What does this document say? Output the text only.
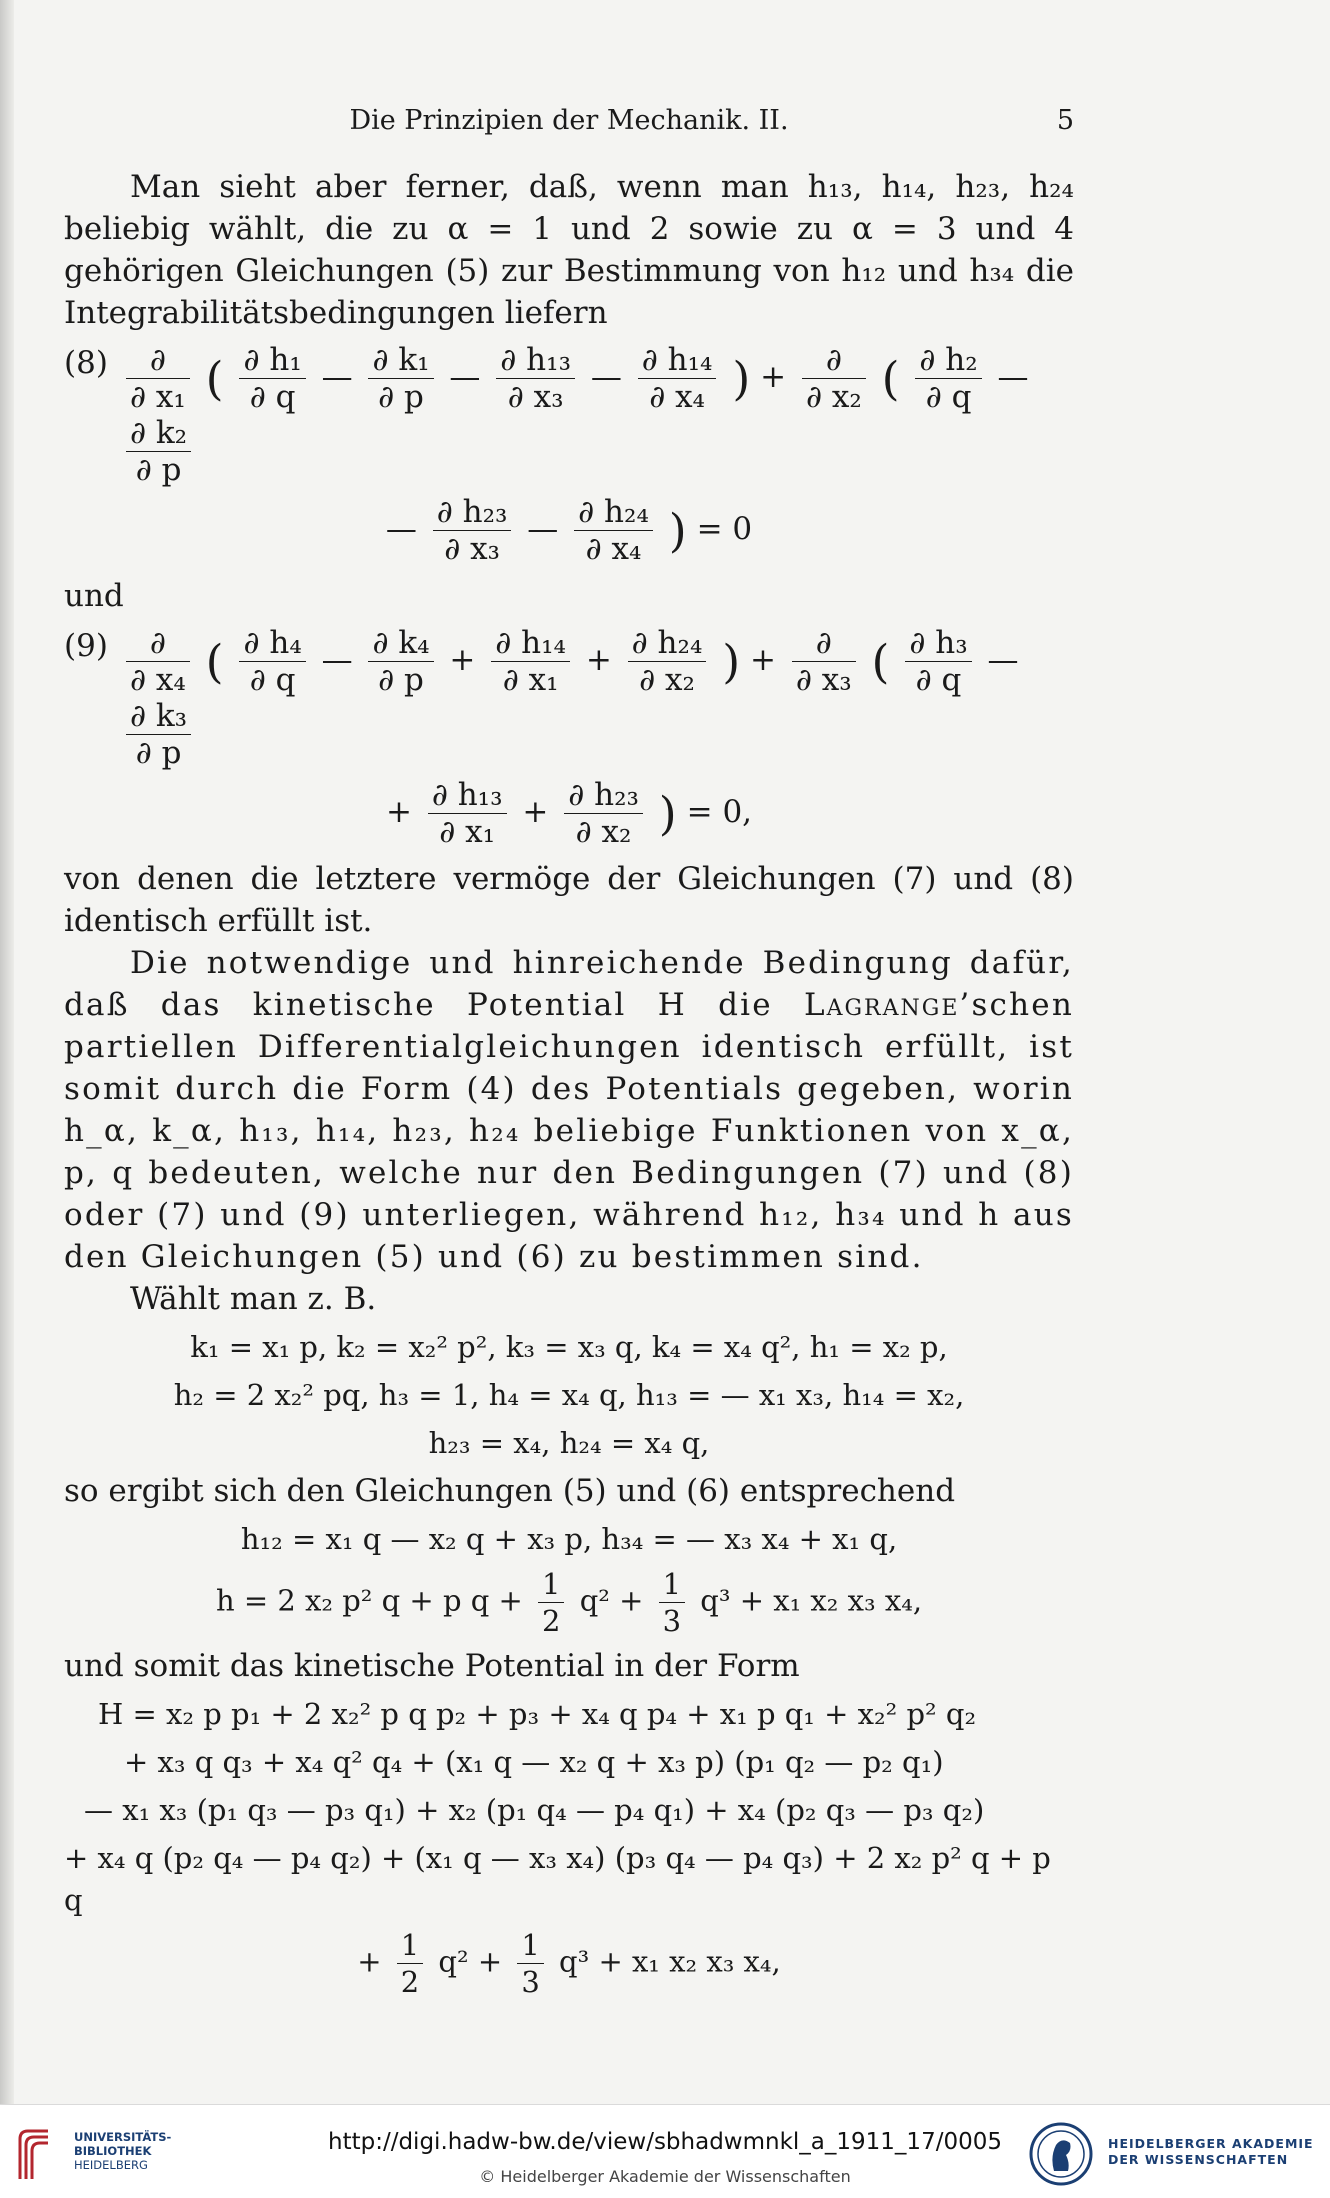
Die Prinzipien der Mechanik. II.	5

Man sieht aber ferner, daß, wenn man h₁₃, h₁₄, h₂₃, h₂₄ beliebig wählt, die zu α = 1 und 2 sowie zu α = 3 und 4 gehörigen Gleichungen (5) zur Bestimmung von h₁₂ und h₃₄ die Integrabilitätsbedingungen liefern

$(8) \frac{\partial}{\text{∂ x₁}}$ ( $\frac{\text{∂ h₁}}{\partial q}$ — $\frac{\text{∂ k₁}}{\partial p}$ — $\frac{\text{∂ h₁₃}}{\text{∂ x₃}}$ — $\frac{\text{∂ h₁₄}}{\text{∂ x₄}}$ ) + $\frac{\partial}{\text{∂ x₂}}$ ( $\frac{\text{∂ h₂}}{\partial q}$ —
$\frac{\text{∂ k₂}}{\partial p}$
— $\frac{\text{∂ h₂₃}}{\text{∂ x₃}}$ — $\frac{\text{∂ h₂₄}}{\text{∂ x₄}}$ ) = 0

und

$(9) \frac{\partial}{\text{∂ x₄}}$ ( $\frac{\text{∂ h₄}}{\partial q}$ — $\frac{\text{∂ k₄}}{\partial p} + \frac{\text{∂ h₁₄}}{\text{∂ x₁}} + \frac{\text{∂ h₂₄}}{\text{∂ x₂}}$ ) + $\frac{\partial}{\text{∂ x₃}}$ ( $\frac{\text{∂ h₃}}{\partial q}$ —
$\frac{\text{∂ k₃}}{\partial p}$
+ $\frac{\text{∂ h₁₃}}{\text{∂ x₁}} + \frac{\text{∂ h₂₃}}{\text{∂ x₂}}$ ) = 0,

von denen die letztere vermöge der Gleichungen (7) und (8) identisch erfüllt ist.

Die notwendige und hinreichende Bedingung dafür, daß das kinetische Potential H die Lagrange’schen partiellen Differentialgleichungen identisch erfüllt, ist somit durch die Form (4) des Potentials gegeben, worin h_α, k_α, h₁₃, h₁₄, h₂₃, h₂₄ beliebige Funktionen von x_α, p, q bedeuten, welche nur den Bedingungen (7) und (8) oder (7) und (9) unterliegen, während h₁₂, h₃₄ und h aus den Gleichungen (5) und (6) zu bestimmen sind.

Wählt man z. B.

k₁ = x₁ p, k₂ = x₂² p², k₃ = x₃ q, k₄ = x₄ q², h₁ = x₂ p,
h₂ = 2 x₂² pq, h₃ = 1, h₄ = x₄ q, h₁₃ = — x₁ x₃, h₁₄ = x₂,
h₂₃ = x₄, h₂₄ = x₄ q,

so ergibt sich den Gleichungen (5) und (6) entsprechend

h₁₂ = x₁ q — x₂ q + x₃ p, h₃₄ = — x₃ x₄ + x₁ q,
h = 2 x₂ p² q + p $q + \frac{1}{2} q^2 + \frac{1}{3} q^3 + x_1$ x₂ x₃ x₄,

und somit das kinetische Potential in der Form

H = x₂ p p₁ + 2 x₂² p q p₂ + p₃ + x₄ q p₄ + x₁ p q₁ + x₂² p² q₂
+ x₃ q q₃ + x₄ q² q₄ + (x₁ q — x₂ q + x₃ p) (p₁ q₂ — p₂ q₁)
— x₁ x₃ (p₁ q₃ — p₃ q₁) + x₂ (p₁ q₄ — p₄ q₁) + x₄ (p₂ q₃ — p₃ q₂)
+ x₄ q (p₂ q₄ — p₄ q₂) + (x₁ q — x₃ x₄) (p₃ q₄ — p₄ q₃) + 2 x₂ p² q + p q
+ $\frac{1}{2} q^2 + \frac{1}{3} q^3 + x_1$ x₂ x₃ x₄,
UNIVERSITÄTS-
BIBLIOTHEK
HEIDELBERG
http://digi.hadw-bw.de/view/sbhadwmnkl_a_1911_17/0005
© Heidelberger Akademie der Wissenschaften
HEIDELBERGER AKADEMIE
DER WISSENSCHAFTEN
